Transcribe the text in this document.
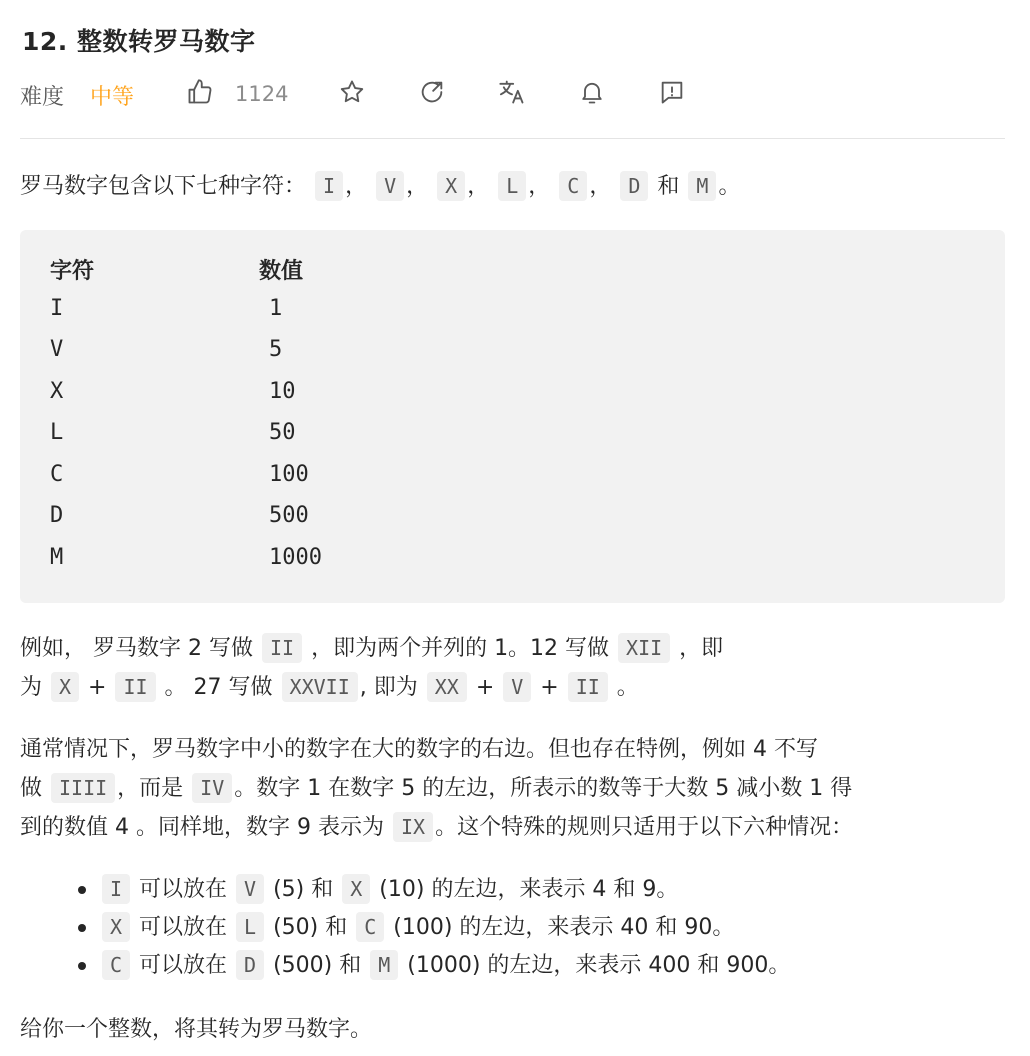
12. 整数转罗马数字
难度 中等	1124
罗马数字包含以下七种字符： I ， V ， X ， L ， C ， D 和 M 。
字符	数值
I	1
V	5
X	10
L	50
C	100
D	500
M	1000
例如， 罗马数字 2 写做 II ，即为两个并列的 1。12 写做 XII ，即
为 X + II 。 27 写做 XXVII , 即为 XX + V + II 。
通常情况下，罗马数字中小的数字在大的数字的右边。但也存在特例，例如 4 不写
做 IIII ，而是 IV 。数字 1 在数字 5 的左边，所表示的数等于大数 5 减小数 1 得
到的数值 4 。同样地，数字 9 表示为 IX 。这个特殊的规则只适用于以下六种情况：
I 可以放在 V (5) 和 X (10) 的左边，来表示 4 和 9。
X 可以放在 L (50) 和 C (100) 的左边，来表示 40 和 90。
C 可以放在 D (500) 和 M (1000) 的左边，来表示 400 和 900。
给你一个整数，将其转为罗马数字。
